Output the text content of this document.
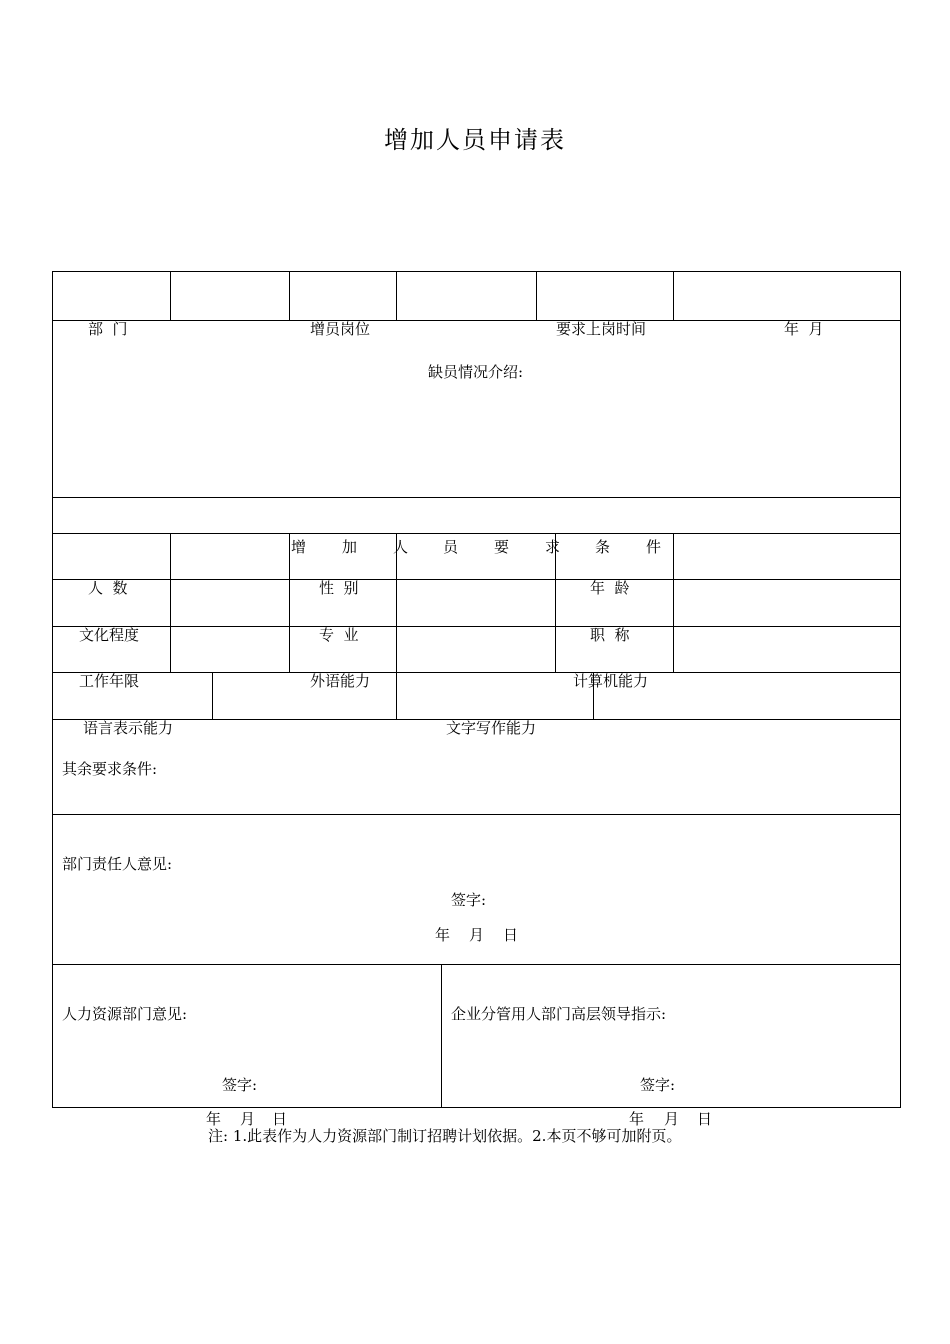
增加人员申请表
部  门	增员岗位	要求上岗时间	年  月
缺员情况介绍:
增 加 人 员 要 求 条 件
人  数	性  别	年  龄
文化程度	专  业	职  称
工作年限	外语能力	计算机能力
语言表示能力	文字写作能力
其余要求条件:
部门责任人意见:
签字:
年 月 日
人力资源部门意见:
签字:
年 月 日
企业分管用人部门高层领导指示:
签字:
年 月 日
注: 1.此表作为人力资源部门制订招聘计划依据。2.本页不够可加附页。
